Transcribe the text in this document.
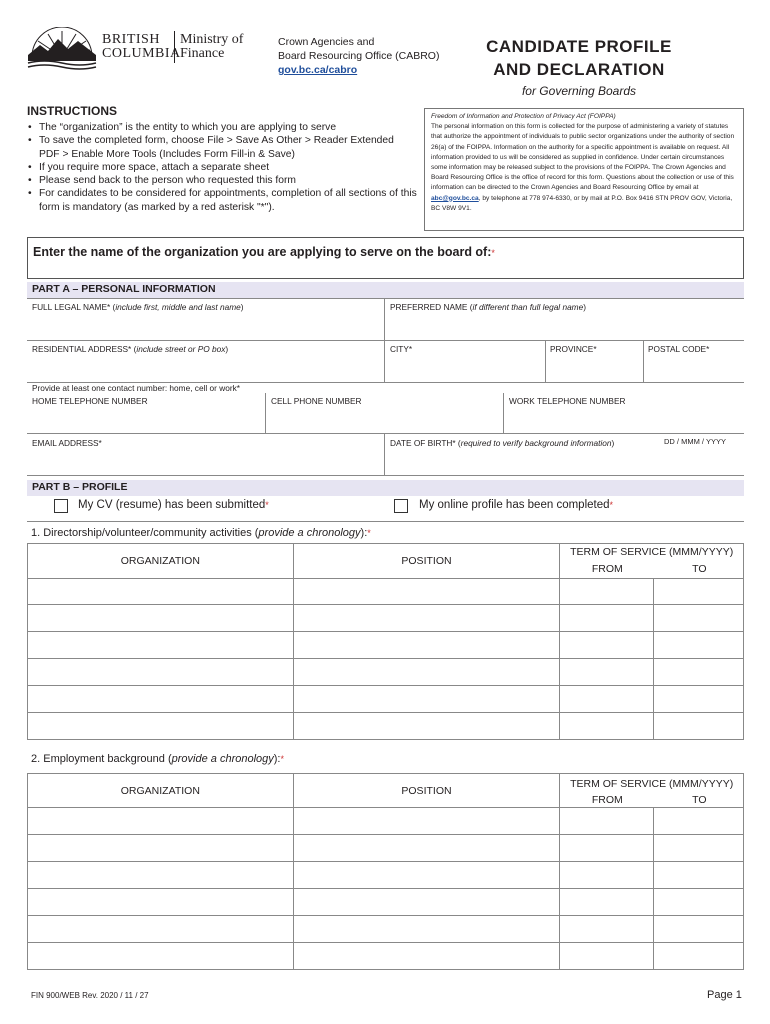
BRITISH
COLUMBIA
Ministry of
Finance
Crown Agencies and
Board Resourcing Office (CABRO)
gov.bc.ca/cabro
CANDIDATE PROFILE
AND DECLARATION
for Governing Boards
INSTRUCTIONS
• The “organization” is the entity to which you are applying to serve
• To save the completed form, choose File > Save As Other > Reader Extended PDF > Enable More Tools (Includes Form Fill-in & Save)
• If you require more space, attach a separate sheet
• Please send back to the person who requested this form
• For candidates to be considered for appointments, completion of all sections of this form is mandatory (as marked by a red asterisk "*").
Freedom of Information and Protection of Privacy Act (FOIPPA)
The personal information on this form is collected for the purpose of administering a variety of statutes that authorize the appointment of individuals to public sector organizations under the authority of section 26(a) of the FOIPPA. Information on the authority for a specific appointment is available on request. All information provided to us will be considered as supplied in confidence. Under certain circumstances some information may be released subject to the provisions of the FOIPPA. The Crown Agencies and Board Resourcing Office is the office of record for this form. Questions about the collection or use of this information can be directed to the Crown Agencies and Board Resourcing Office by email at abc@gov.bc.ca, by telephone at 778 974-6330, or by mail at P.O. Box 9416 STN PROV GOV, Victoria, BC V8W 9V1.
Enter the name of the organization you are applying to serve on the board of:*
PART A – PERSONAL INFORMATION
FULL LEGAL NAME* (include first, middle and last name)	PREFERRED NAME (if different than full legal name)
RESIDENTIAL ADDRESS* (include street or PO box)	CITY*	PROVINCE*	POSTAL CODE*
Provide at least one contact number: home, cell or work*
HOME TELEPHONE NUMBER	CELL PHONE NUMBER	WORK TELEPHONE NUMBER
EMAIL ADDRESS*	DATE OF BIRTH* (required to verify background information)	DD / MMM / YYYY
PART B – PROFILE
My CV (resume) has been submitted*	My online profile has been completed*
1. Directorship/volunteer/community activities (provide a chronology):*
ORGANIZATION	POSITION	TERM OF SERVICE (MMM/YYYY)
FROM TO	

2. Employment background (provide a chronology):*
ORGANIZATION	POSITION	TERM OF SERVICE (MMM/YYYY)
FROM TO	

FIN 900/WEB Rev. 2020 / 11 / 27	Page 1
